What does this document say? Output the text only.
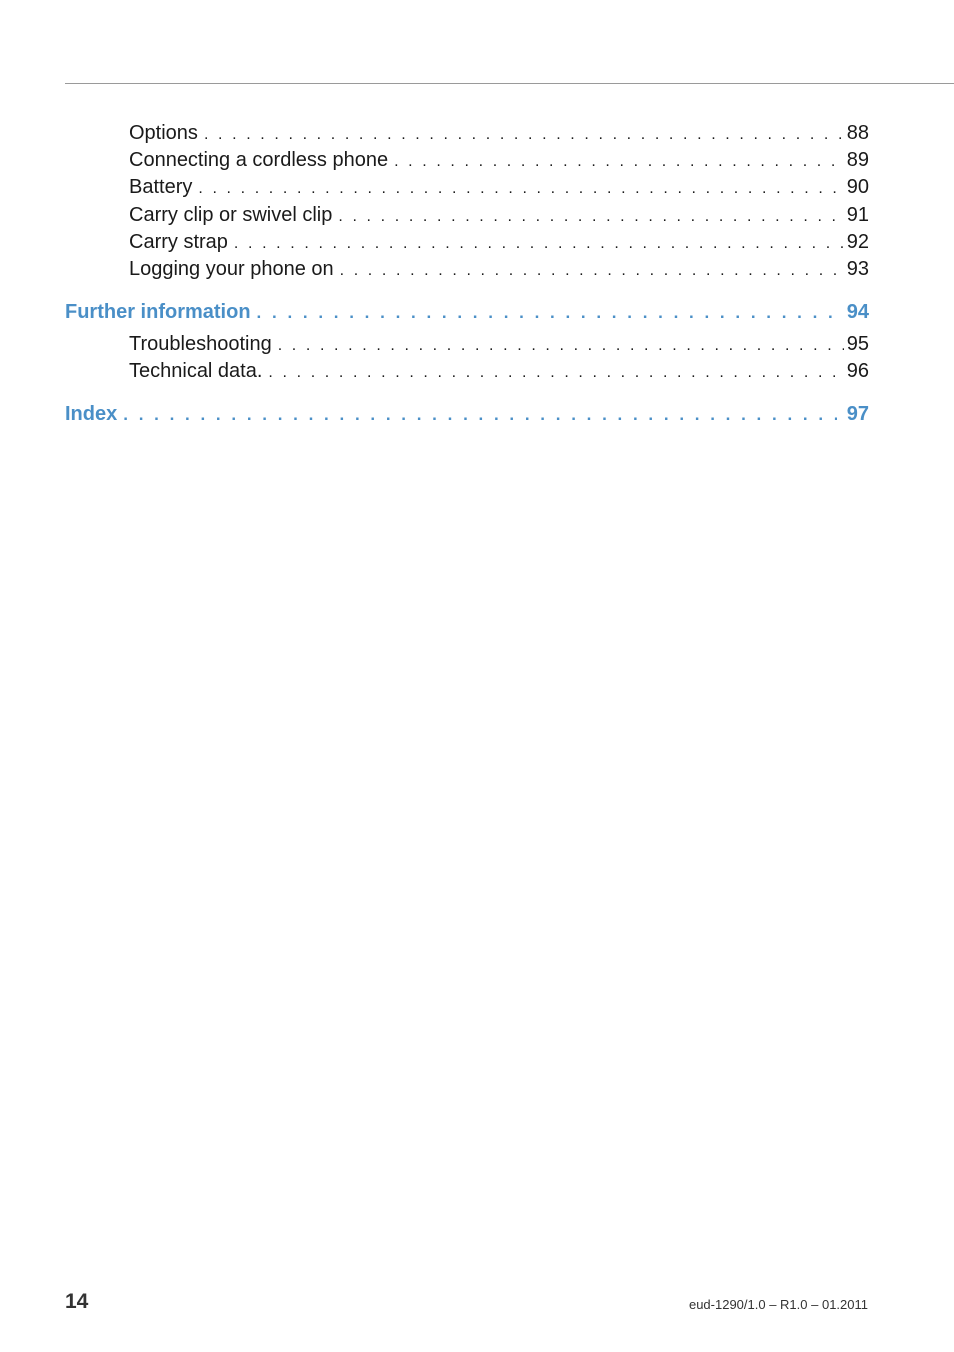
Options . . .	88
Connecting a cordless phone . . .	89
Battery . . .	90
Carry clip or swivel clip . . .	91
Carry strap . . .	92
Logging your phone on . . .	93
Further information . . .	94
Troubleshooting . . .	95
Technical data. . . .	96
Index . . .	97
14	eud-1290/1.0 – R1.0 – 01.2011
